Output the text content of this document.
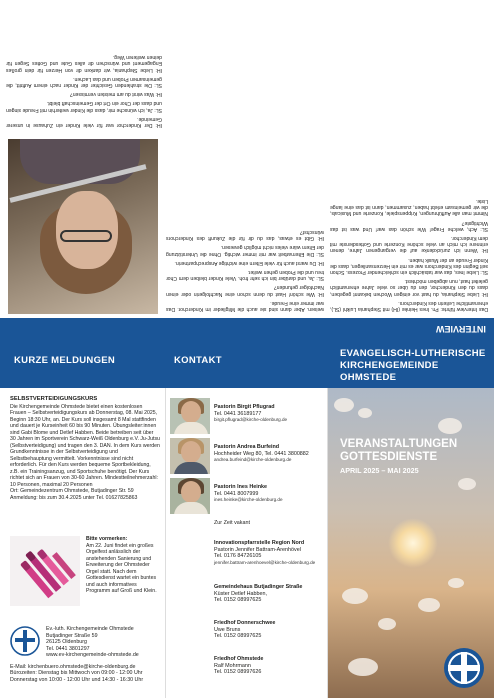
Das Interview führte: Pn. Ines Heinke (IH) mit Stephania Luikhl (SL), ehrenamtliche Leiterin des Kinderchors.

IH: Liebe Stephania, du hast vor einigen Wochen bekannt gegeben, dass du den Kinderchor, den du über so viele Jahre ehrenamtlich geleitet hast, nun abgeben möchtest.

SL: Liebe Ines, das war tatsächlich ein schleichender Prozess. Schon seit Beginn des Kinderchors war es mir ein Herzensanliegen, dass die Kinder Freude an der Musik haben.

IH: Wenn ich zurückdenke auf die vergangenen Jahre, denen erinnere ich mich an viele schöne Konzerte und Gottesdienste mit dem Kinderchor.

SL: Ach, welche Frage! Wie schön das war! Und was ist das Wichtigste?

Nimmt man alle Aufführungen, Krippenspiele, Konzerte und Musicals, die wir gemeinsam erlebt haben, zusammen, dann ist das eine lange Liste.

weisen. Aber dann sind sie auch die Mitglieder im Kinderchor. Das war immer eine Freude.

IH: Wie schön! Hast du denn schon eine Nachfolgerin oder einen Nachfolger gefunden?

SL: Ja, und darüber bin ich sehr froh. Viele Kinder bleiben dem Chor treu und die Proben gehen weiter.

IH: Du warst auch für viele Eltern eine wichtige Ansprechpartnerin.

SL: Die Elternarbeit war mir immer wichtig. Ohne die Unterstützung der Eltern wäre vieles nicht möglich gewesen.

IH: Gibt es etwas, das du dir für die Zukunft des Kinderchors wünschst?

IH: Der Kinderchor war für viele Kinder ein Zuhause in unserer Gemeinde.

SL: Ja, ich wünsche mir, dass die Kinder weiterhin mit Freude singen und dass der Chor ein Ort der Gemeinschaft bleibt.

IH: Was wirst du am meisten vermissen?

SL: Die strahlenden Gesichter der Kinder nach einem Auftritt, die gemeinsamen Proben und das Lachen.

IH: Liebe Stephania, wir danken dir von Herzen für dein großes Engagement und wünschen dir alles Gute und Gottes Segen für deinen weiteren Weg.

KURZE MELDUNGEN	KONTAKT
EVANGELISCH-LUTHERISCHE
KIRCHENGEMEINDE OHMSTEDE
INTERVIEW
SELBSTVERTEIDIGUNGSKURS
Die Kirchengemeinde Ohmstede bietet einen kostenlosen Frauen – Selbstverteidigungskurs ab Donnerstag, 08. Mai 2025, Beginn 18:30 Uhr, an. Der Kurs soll insgesamt 8 Mal stattfinden und dauert je Kurseinheit 60 bis 90 Minuten. Übungsleiter:innen sind Gabi Blome und Detlef Habben. Beide betreiben seit über 30 Jahren im Sportverein Schwarz-Weiß Oldenburg e.V. Ju-Jutsu (Selbstverteidigung) und tragen den 3. DAN. In dem Kurs werden Grundkenntnisse in der Selbstverteidigung und Selbstbehauptung vermittelt. Vorkenntnisse sind nicht erforderlich. Für den Kurs werden bequeme Sportbekleidung, z.B. ein Trainingsanzug, und Sportschuhe benötigt. Der Kurs richtet sich an Frauen von 30-60 Jahren. Mindestteilnehmerzahl: 10 Personen, maximal 20 Personen
Ort: Gemeindezentrum Ohmstede, Butjadinger Str. 59
Anmeldung: bis zum 30.4.2025 unter Tel. 01627825863
Bitte vormerken:
Am 22. Juni findet ein großes Orgelfest anlässlich der anstehenden Sanierung und Erweiterung der Ohmsteder Orgel statt. Nach dem Gottesdienst wartet ein buntes und auch informatives Programm auf Groß und Klein.
Ev.-luth. Kirchengemeinde Ohmstede
Butjadinger Straße 59
26125 Oldenburg
Tel. 0441 3801297
www.ev-kirchengemeinde-ohmstede.de
E-Mail: kirchenbuero.ohmstede@kirche-oldenburg.de
Bürozeiten: Dienstag bis Mittwoch von 09:00 - 12:00 Uhr
Donnerstag von 10:00 - 12:00 Uhr und 14:30 - 16:30 Uhr
Pastorin Birgit Pflugrad
Tel. 0441 36189177
birgit.pflugrad@kirche-oldenburg.de
Pastorin Andrea Burfeind
Hochheider Weg 80, Tel. 0441 3800882
andrea.burfeind@kirche-oldenburg.de
Pastorin Ines Heinke
Tel. 0441 8007999
ines.heinke@kirche-oldenburg.de
Zur Zeit vakant
Innovationspfarrstelle Region Nord
Pastorin Jennifer Battram-Arenhövel
Tel. 0176 84726105
jennifer.battram-arenhoevel@kirche-oldenburg.de
Gemeindehaus Butjadinger Straße
Küster Detlef Habben,
Tel. 0152 08997625
Friedhof Donnerschwee
Uwe Bruns
Tel. 0152 08997625
Friedhof Ohmstede
Ralf Mohrmann
Tel. 0152 08997626
VERANSTALTUNGEN
GOTTESDIENSTE
APRIL 2025 – MAI 2025
